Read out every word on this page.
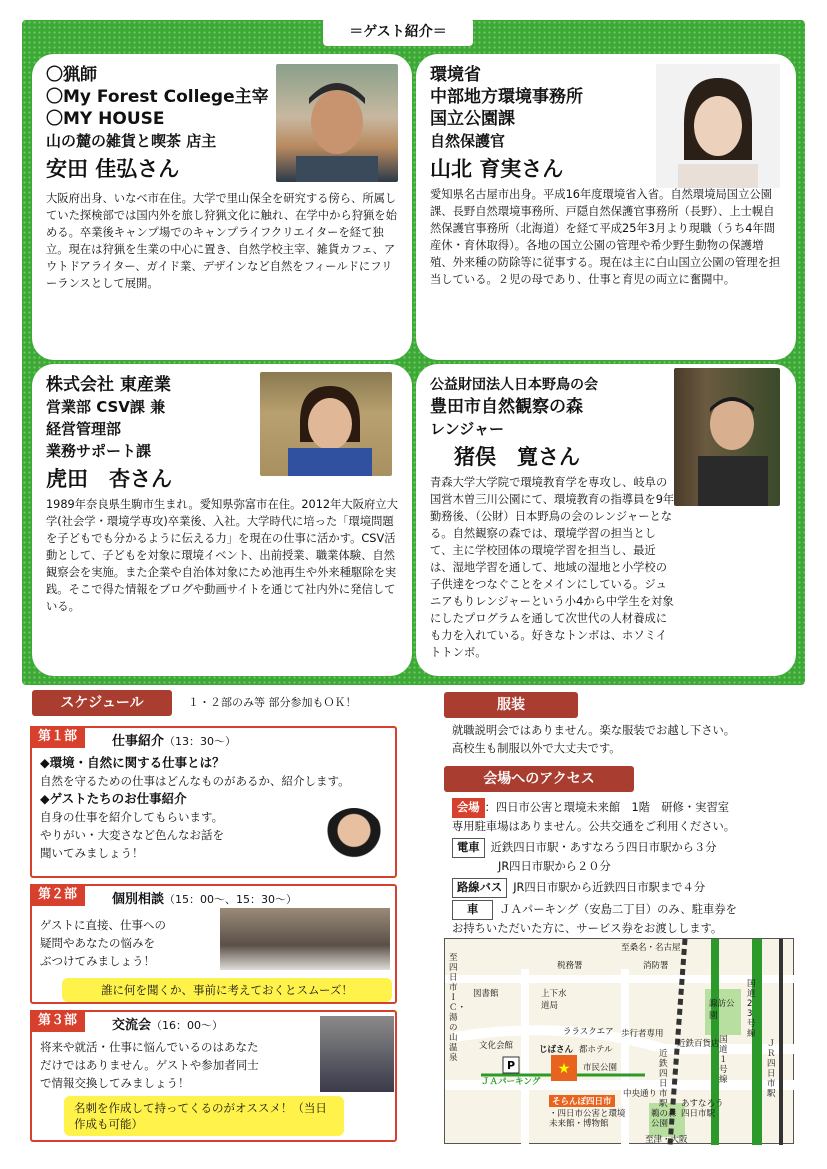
＝ゲスト紹介＝
〇猟師
〇My Forest College主宰
〇MY HOUSE
山の麓の雑貨と喫茶 店主
安田 佳弘さん
大阪府出身、いなべ市在住。大学で里山保全を研究する傍ら、所属していた探検部では国内外を旅し狩猟文化に触れ、在学中から狩猟を始める。卒業後キャンプ場でのキャンプライフクリエイターを経て独立。現在は狩猟を生業の中心に置き、自然学校主宰、雑貨カフェ、アウトドアライター、ガイド業、デザインなど自然をフィールドにフリーランスとして展開。
環境省
中部地方環境事務所
国立公園課
自然保護官
山北 育実さん
愛知県名古屋市出身。平成16年度環境省入省。自然環境局国立公園課、長野自然環境事務所、戸隠自然保護官事務所（長野）、上士幌自然保護官事務所（北海道）を経て平成25年3月より現職（うち4年間産休・育休取得）。各地の国立公園の管理や希少野生動物の保護増殖、外来種の防除等に従事する。現在は主に白山国立公園の管理を担当している。２児の母であり、仕事と育児の両立に奮闘中。
株式会社 東産業
営業部 CSV課 兼
経営管理部
業務サポート課
虎田　杏さん
1989年奈良県生駒市生まれ。愛知県弥富市在住。2012年大阪府立大学(社会学・環境学専攻)卒業後、入社。大学時代に培った「環境問題を子どもでも分かるように伝える力」を現在の仕事に活かす。CSV活動として、子どもを対象に環境イベント、出前授業、職業体験、自然観察会を実施。また企業や自治体対象にため池再生や外来種駆除を実践。そこで得た情報をブログや動画サイトを通じて社内外に発信している。
公益財団法人日本野鳥の会
豊田市自然観察の森
レンジャー
猪俣　寛さん
青森大学大学院で環境教育学を専攻し、岐阜の国営木曽三川公園にて、環境教育の指導員を9年勤務後、（公財）日本野鳥の会のレンジャーとなる。自然観察の森では、環境学習の担当として、主に学校団体の環境学習を担当し、最近は、湿地学習を通して、地域の湿地と小学校の子供達をつなぐことをメインにしている。ジュニアもりレンジャーという小4から中学生を対象にしたプログラムを通して次世代の人材養成にも力を入れている。好きなトンボは、ホソミイトトンボ。
スケジュール	１・２部のみ等 部分参加もＯＫ！
第１部	仕事紹介（13：30～）
◆環境・自然に関する仕事とは？
自然を守るための仕事はどんなものがあるか、紹介します。
◆ゲストたちのお仕事紹介
自身の仕事を紹介してもらいます。
やりがい・大変さなど色んなお話を
聞いてみましょう！
第２部	個別相談（15：00～、15：30～）
ゲストに直接、仕事への
疑問やあなたの悩みを
ぶつけてみましょう！
誰に何を聞くか、事前に考えておくとスムーズ！
第３部	交流会（16：00～）
将来や就活・仕事に悩んでいるのはあなた
だけではありません。ゲストや参加者同士
で情報交換してみましょう！
名刺を作成して持ってくるのがオススメ！（当日作成も可能）
服装
就職説明会ではありません。楽な服装でお越し下さい。
高校生も制服以外で大丈夫です。
会場へのアクセス
会場 ：四日市公害と環境未来館　1階　研修・実習室
専用駐車場はありません。公共交通をご利用ください。
電車 近鉄四日市駅・あすなろう四日市駅から３分
JR四日市駅から２０分
路線バス JR四日市駅から近鉄四日市駅まで４分
車 ＪＡパーキング（安島二丁目）のみ、駐車券を
お持ちいただいた方に、サービス券をお渡しします。
★
P
至桑名・名古屋
至津・大阪
至四日市ＩＣ・湯の山温泉
税務署	消防署
図書館	上下水道局
文化会館	じばさん
ララスクエア
都ホテル
市民公園
諏訪公園
近鉄百貨店
歩行者専用
中央通り
ＪＡパーキング
そらんぽ四日市
・四日市公害と環境未来館・博物館
あすなろう四日市駅
近鉄四日市駅
ＪＲ四日市駅
国道１号線
国道23号線
鵜の森公園
